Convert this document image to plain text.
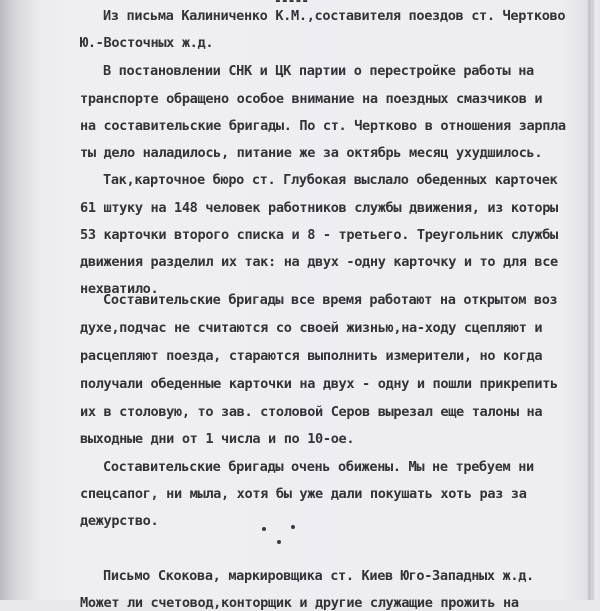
-----
Из письма Калиниченко К.М.,составителя поездов ст. Чертково
Ю.-Восточных ж.д.
В постановлении СНК и ЦК партии о перестройке работы на
транспорте обращено особое внимание на поездных смазчиков и
на составительские бригады. По ст. Чертково в отношения зарпла
ты дело наладилось, питание же за октябрь месяц ухудшилось.
Так,карточное бюро ст. Глубокая выслало обеденных карточек
61 штуку на 148 человек работников службы движения, из которы
53 карточки второго списка и 8 - третьего. Треугольник службы
движения разделил их так: на двух -одну карточку и то для все
нехватило.
Составительские бригады все время работают на открытом воз
духе,подчас не считаются со своей жизнью,на-ходу сцепляют и
расцепляют поезда, стараются выполнить измерители, но когда
получали обеденные карточки на двух - одну и пошли прикрепить
их в столовую, то зав. столовой Серов вырезал еще талоны на
выходные дни от 1 числа и по 10-ое.
Составительские бригады очень обижены. Мы не требуем ни
спецсапог, ни мыла, хотя бы уже дали покушать хоть раз за
дежурство.
Письмо Скокова, маркировщика ст. Киев Юго-Западных ж.д.
Может ли счетовод,конторщик и другие служащие прожить на
